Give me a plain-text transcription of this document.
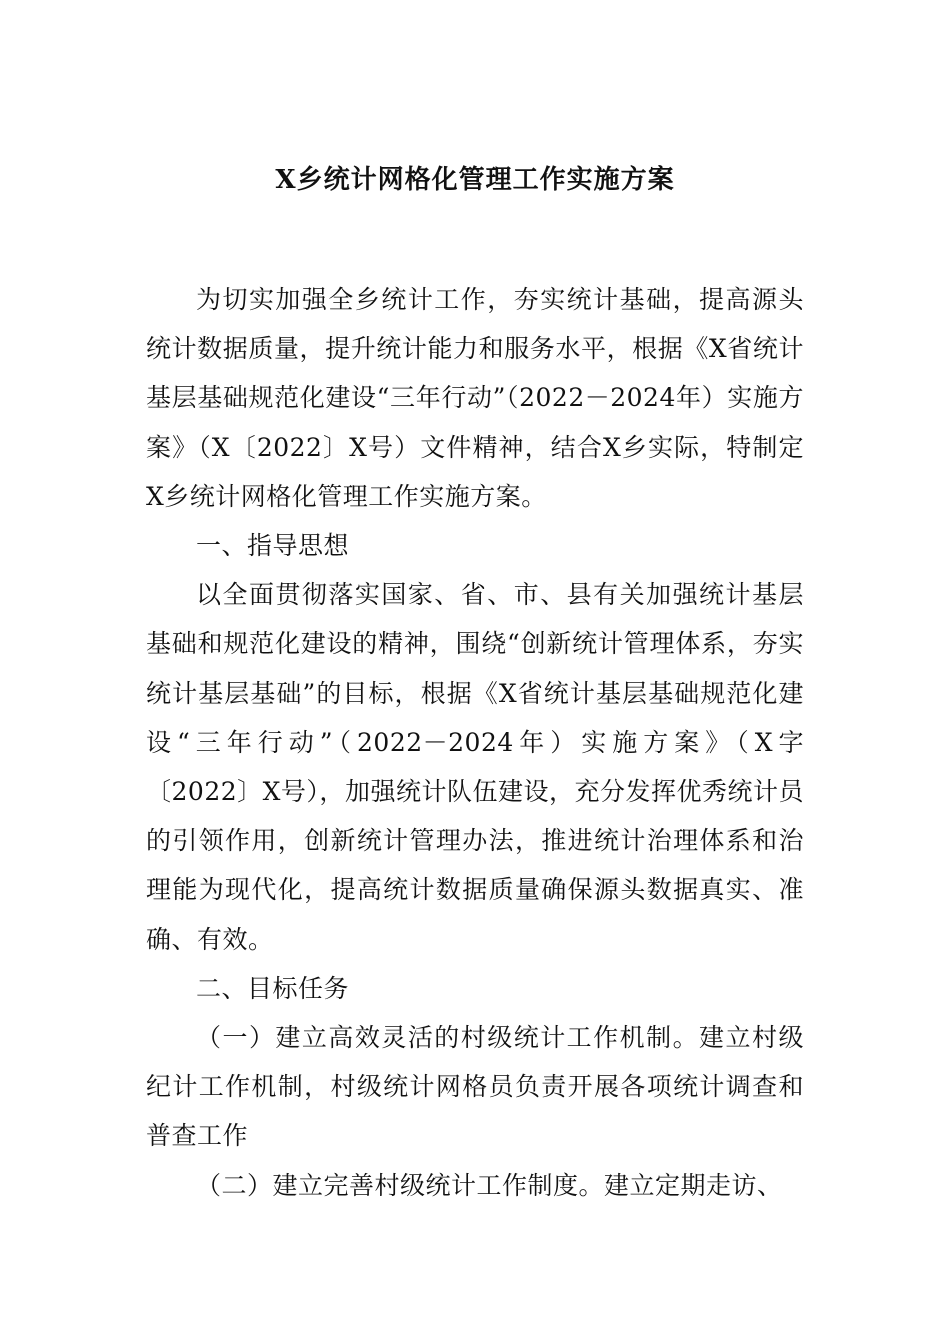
X乡统计网格化管理工作实施方案

为切实加强全乡统计工作，夯实统计基础，提高源头统计数据质量，提升统计能力和服务水平，根据《X省统计基层基础规范化建设“三年行动”（2022－2024年）实施方案》（X〔2022〕X号）文件精神，结合X乡实际，特制定X乡统计网格化管理工作实施方案。

一、指导思想

以全面贯彻落实国家、省、市、县有关加强统计基层基础和规范化建设的精神，围绕“创新统计管理体系，夯实统计基层基础”的目标，根据《X省统计基层基础规范化建设“三年行动”（2022－2024年）实施方案》（X字〔2022〕X号），加强统计队伍建设，充分发挥优秀统计员的引领作用，创新统计管理办法，推进统计治理体系和治理能为现代化，提高统计数据质量确保源头数据真实、准确、有效。

二、目标任务

（一）建立高效灵活的村级统计工作机制。建立村级纪计工作机制，村级统计网格员负责开展各项统计调查和普查工作

（二）建立完善村级统计工作制度。建立定期走访、
